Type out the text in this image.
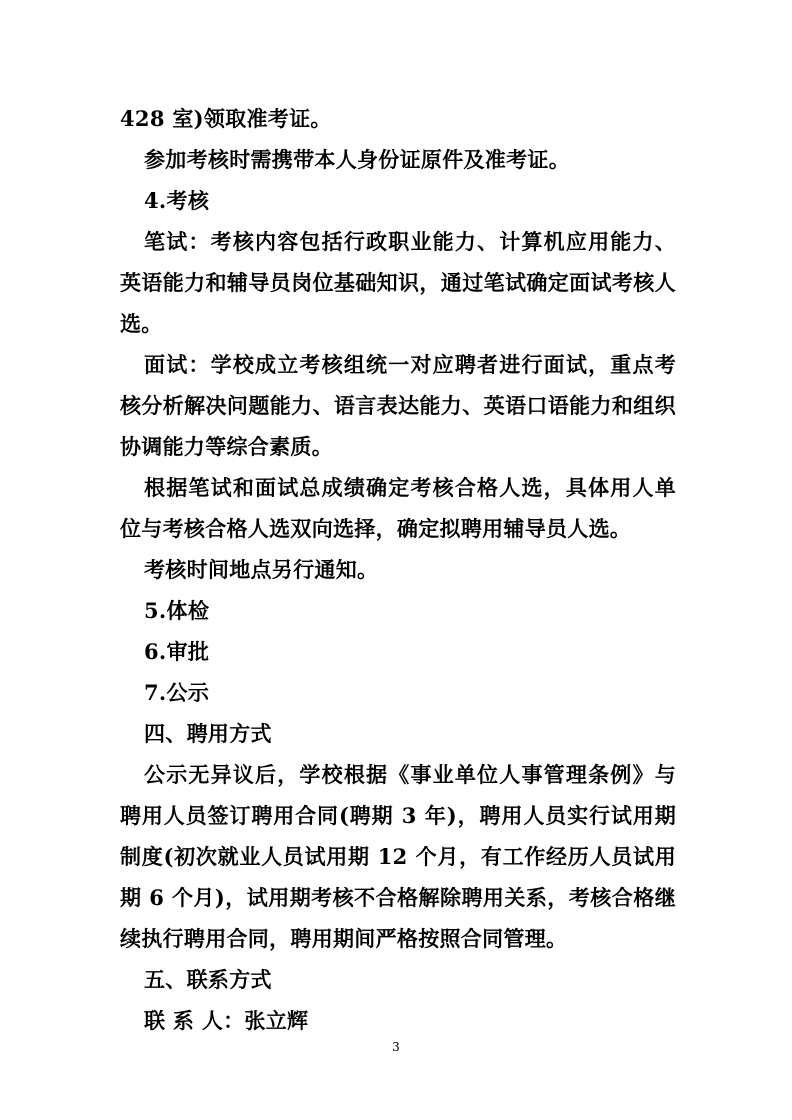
428 室)领取准考证。

参加考核时需携带本人身份证原件及准考证。

4.考核

笔试：考核内容包括行政职业能力、计算机应用能力、英语能力和辅导员岗位基础知识，通过笔试确定面试考核人选。

面试：学校成立考核组统一对应聘者进行面试，重点考核分析解决问题能力、语言表达能力、英语口语能力和组织协调能力等综合素质。

根据笔试和面试总成绩确定考核合格人选，具体用人单位与考核合格人选双向选择，确定拟聘用辅导员人选。

考核时间地点另行通知。

5.体检

6.审批

7.公示

四、聘用方式

公示无异议后，学校根据《事业单位人事管理条例》与聘用人员签订聘用合同(聘期 3 年)，聘用人员实行试用期制度(初次就业人员试用期 12 个月，有工作经历人员试用期 6 个月)，试用期考核不合格解除聘用关系，考核合格继续执行聘用合同，聘用期间严格按照合同管理。

五、联系方式

联 系 人：张立辉

3
